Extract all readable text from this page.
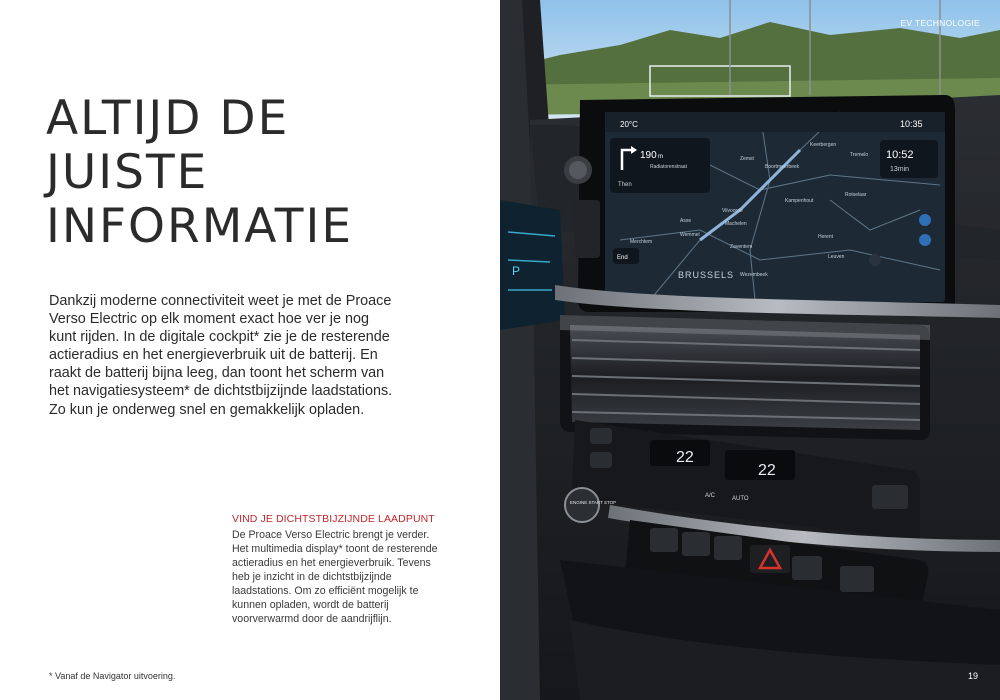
ALTIJD DE
JUISTE
INFORMATIE

Dankzij moderne connectiviteit weet je met de Proace Verso Electric op elk moment exact hoe ver je nog kunt rijden. In de digitale cockpit* zie je de resterende actieradius en het energieverbruik uit de batterij. En raakt de batterij bijna leeg, dan toont het scherm van het navigatiesysteem* de dichtstbijzijnde laadstations. Zo kun je onderweg snel en gemakkelijk opladen.

VIND JE DICHTSTBIJZIJNDE LAADPUNT

De Proace Verso Electric brengt je verder. Het multimedia display* toont de resterende actieradius en het energieverbruik. Tevens heb je inzicht in de dichtstbijzijnde laadstations. Om zo efficiënt mogelijk te kunnen opladen, wordt de batterij voorverwarmd door de aandrijflijn.

* Vanaf de Navigator uitvoering.

P
20°C	10:35
190 m
Radiatorenstraat
Then
10:52
13min
Keerbergen
Tremelo
Zemst
Boortmeerbeek
Kampenhout
Rotselaar
Vilvoorde
Machelen
Zaventem
Herent
Leuven
Wezembeek
Asse
Wemmel
Merchtem
BRUSSELS
End
22
22
A/C	AUTO
ENGINE START STOP
EV TECHNOLOGIE
19
